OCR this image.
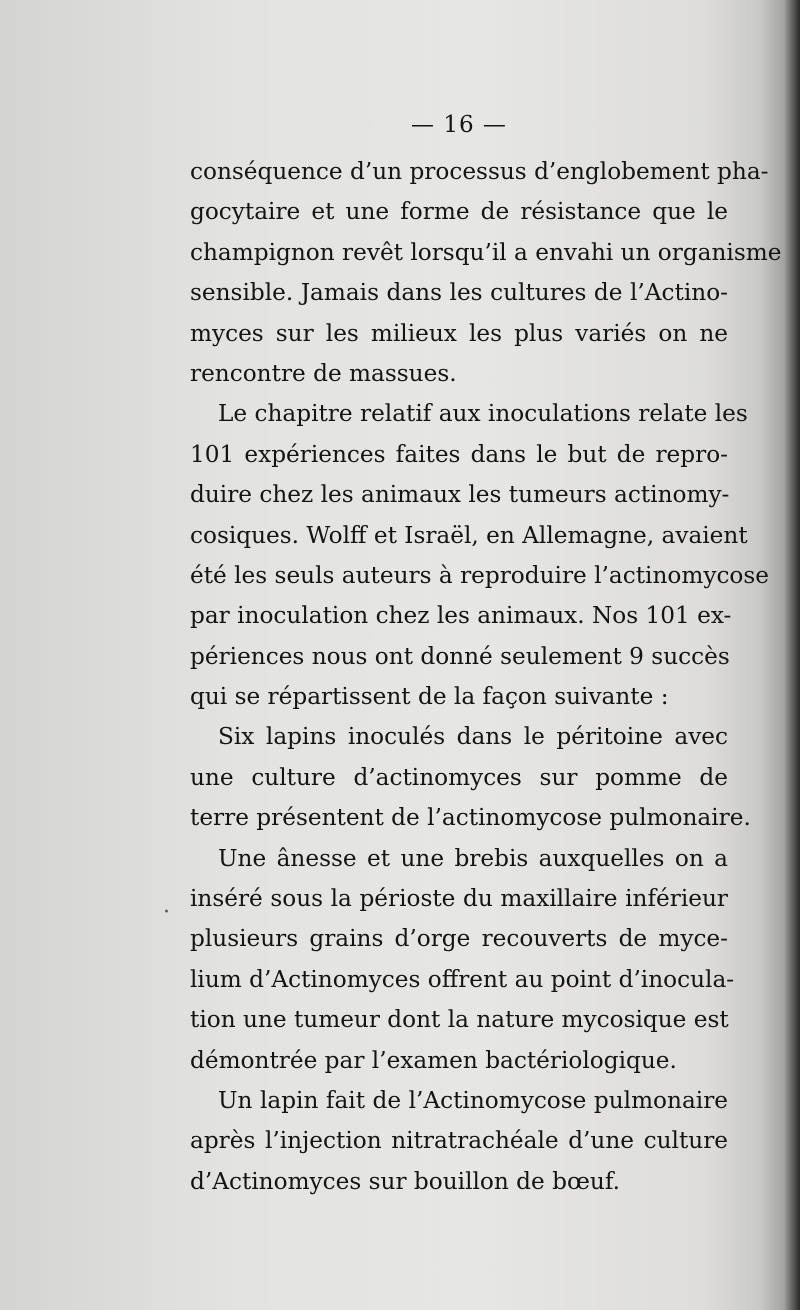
— 16 —
conséquence d’un processus d’englobement pha-
gocytaire et une forme de résistance que le
champignon revêt lorsqu’il a envahi un organisme
sensible. Jamais dans les cultures de l’Actino-
myces sur les milieux les plus variés on ne
rencontre de massues.
Le chapitre relatif aux inoculations relate les
101 expériences faites dans le but de repro-
duire chez les animaux les tumeurs actinomy-
cosiques. Wolff et Israël, en Allemagne, avaient
été les seuls auteurs à reproduire l’actinomycose
par inoculation chez les animaux. Nos 101 ex-
périences nous ont donné seulement 9 succès
qui se répartissent de la façon suivante :
Six lapins inoculés dans le péritoine avec
une culture d’actinomyces sur pomme de
terre présentent de l’actinomycose pulmonaire.
Une ânesse et une brebis auxquelles on a
inséré sous la périoste du maxillaire inférieur
plusieurs grains d’orge recouverts de myce-
lium d’Actinomyces offrent au point d’inocula-
tion une tumeur dont la nature mycosique est
démontrée par l’examen bactériologique.
Un lapin fait de l’Actinomycose pulmonaire
après l’injection nitratrachéale d’une culture
d’Actinomyces sur bouillon de bœuf.
·
